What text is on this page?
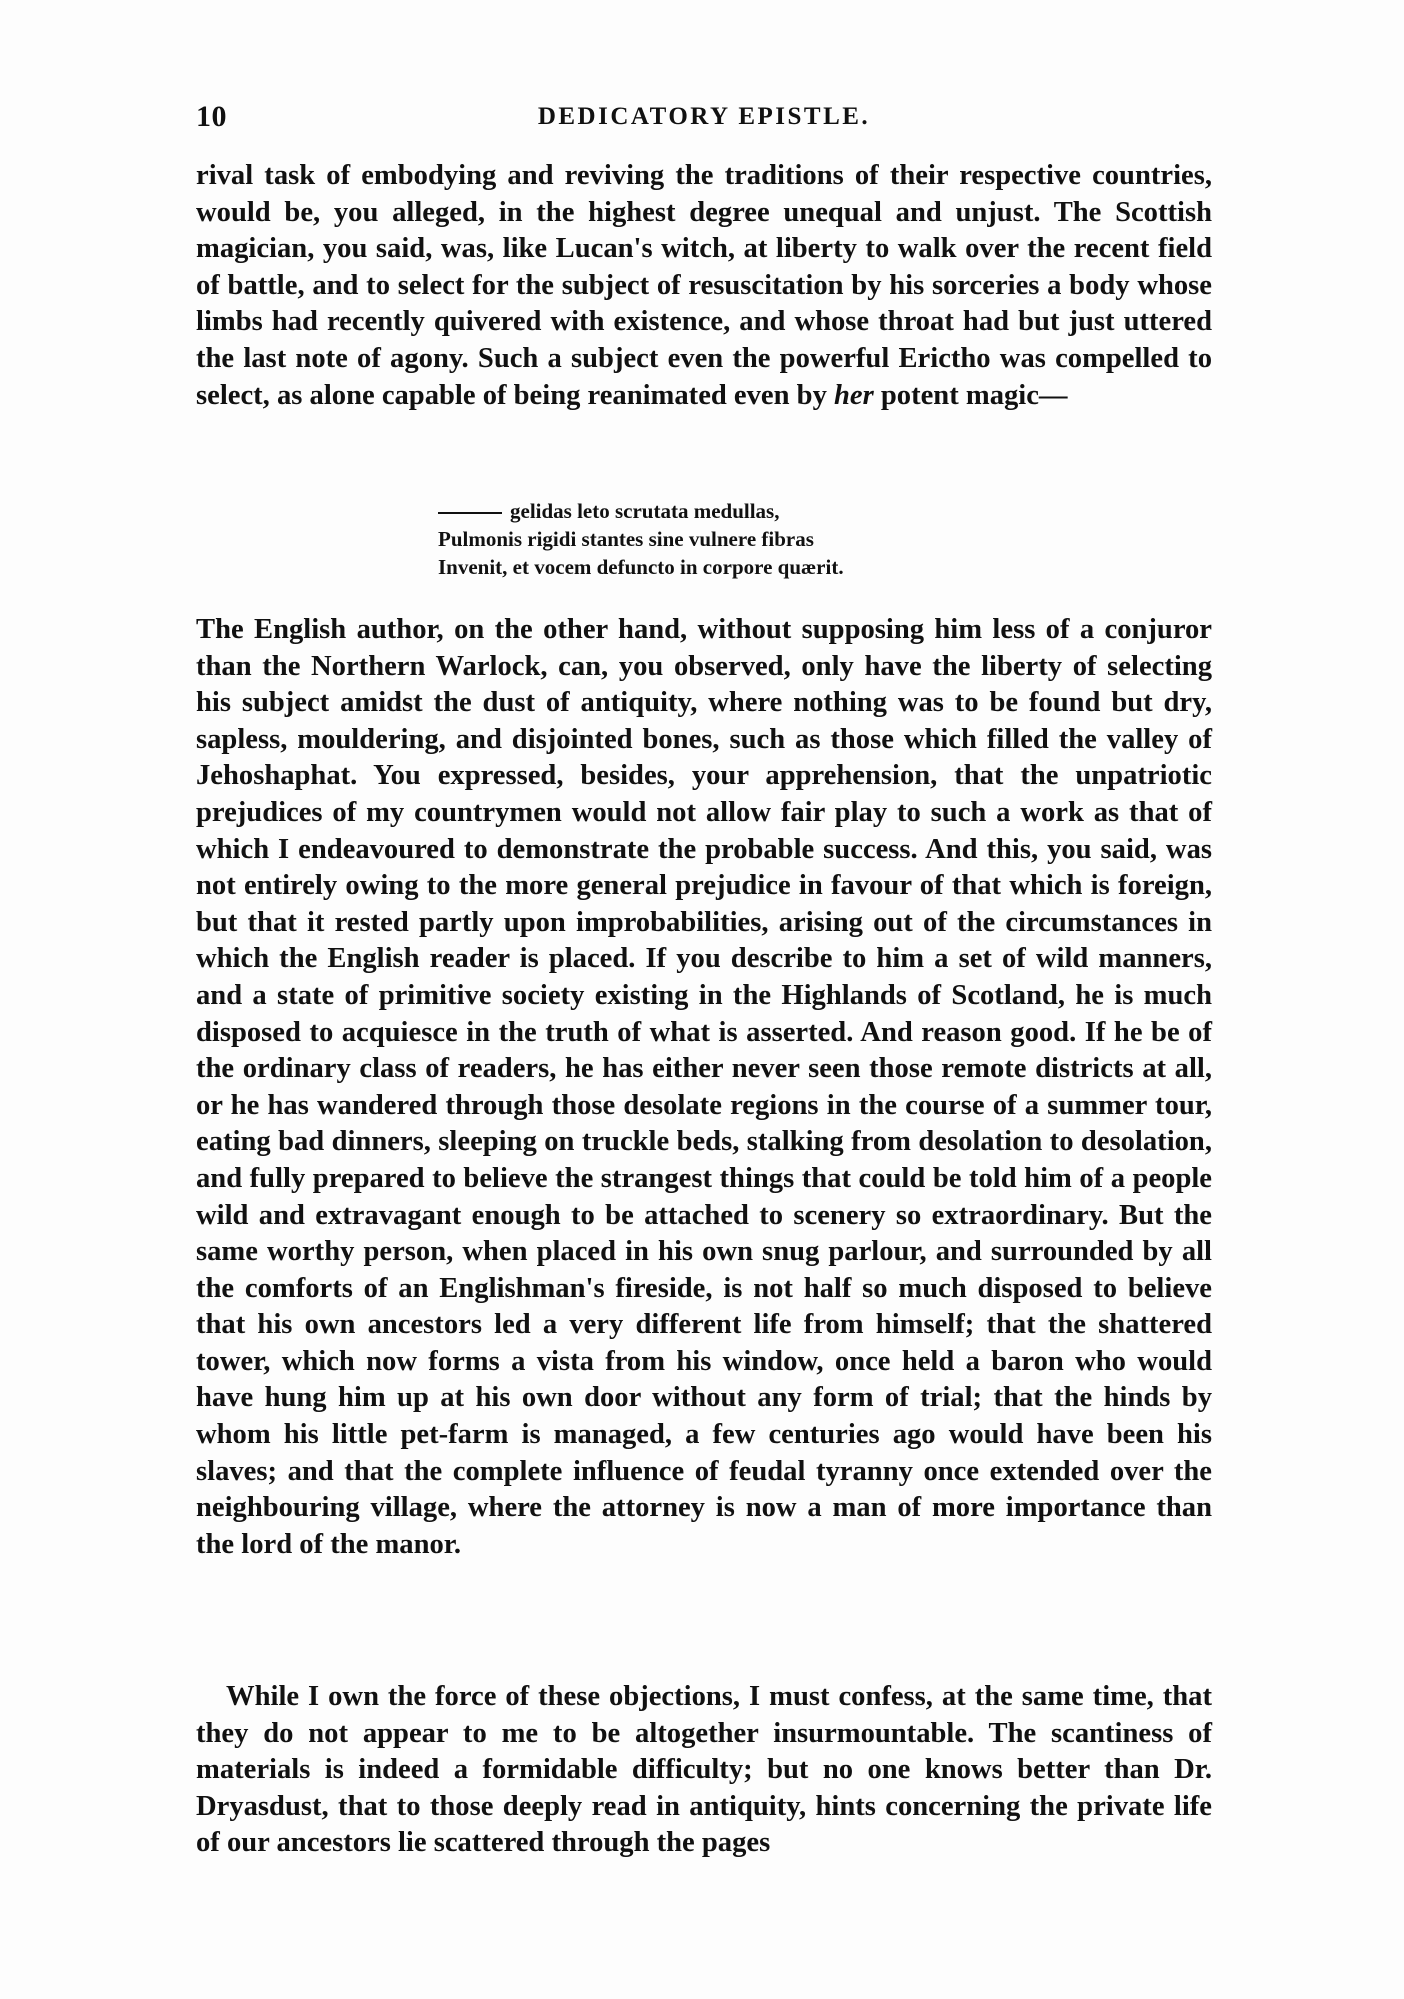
10	DEDICATORY EPISTLE.

rival task of embodying and reviving the traditions of their respective countries, would be, you alleged, in the highest degree unequal and unjust. The Scottish magician, you said, was, like Lucan's witch, at liberty to walk over the recent field of battle, and to select for the subject of resuscitation by his sorceries a body whose limbs had recently quivered with existence, and whose throat had but just uttered the last note of agony. Such a subject even the powerful Erictho was compelled to select, as alone capable of being reanimated even by her potent magic—

gelidas leto scrutata medullas,
Pulmonis rigidi stantes sine vulnere fibras
Invenit, et vocem defuncto in corpore quærit.

The English author, on the other hand, without supposing him less of a conjuror than the Northern Warlock, can, you observed, only have the liberty of selecting his subject amidst the dust of antiquity, where nothing was to be found but dry, sapless, mouldering, and disjointed bones, such as those which filled the valley of Jehoshaphat. You expressed, besides, your apprehension, that the unpatriotic prejudices of my countrymen would not allow fair play to such a work as that of which I endeavoured to demonstrate the probable success. And this, you said, was not entirely owing to the more general prejudice in favour of that which is foreign, but that it rested partly upon improbabilities, arising out of the circumstances in which the English reader is placed. If you describe to him a set of wild manners, and a state of primitive society existing in the Highlands of Scotland, he is much disposed to acquiesce in the truth of what is asserted. And reason good. If he be of the ordinary class of readers, he has either never seen those remote districts at all, or he has wandered through those desolate regions in the course of a summer tour, eating bad dinners, sleeping on truckle beds, stalking from desolation to desolation, and fully prepared to believe the strangest things that could be told him of a people wild and extravagant enough to be attached to scenery so extraordinary. But the same worthy person, when placed in his own snug parlour, and surrounded by all the comforts of an Englishman's fireside, is not half so much disposed to believe that his own ancestors led a very different life from himself; that the shattered tower, which now forms a vista from his window, once held a baron who would have hung him up at his own door without any form of trial; that the hinds by whom his little pet-farm is managed, a few centuries ago would have been his slaves; and that the complete influence of feudal tyranny once extended over the neighbouring village, where the attorney is now a man of more importance than the lord of the manor.

While I own the force of these objections, I must confess, at the same time, that they do not appear to me to be altogether insurmountable. The scantiness of materials is indeed a formidable difficulty; but no one knows better than Dr. Dryasdust, that to those deeply read in antiquity, hints concerning the private life of our ancestors lie scattered through the pages
